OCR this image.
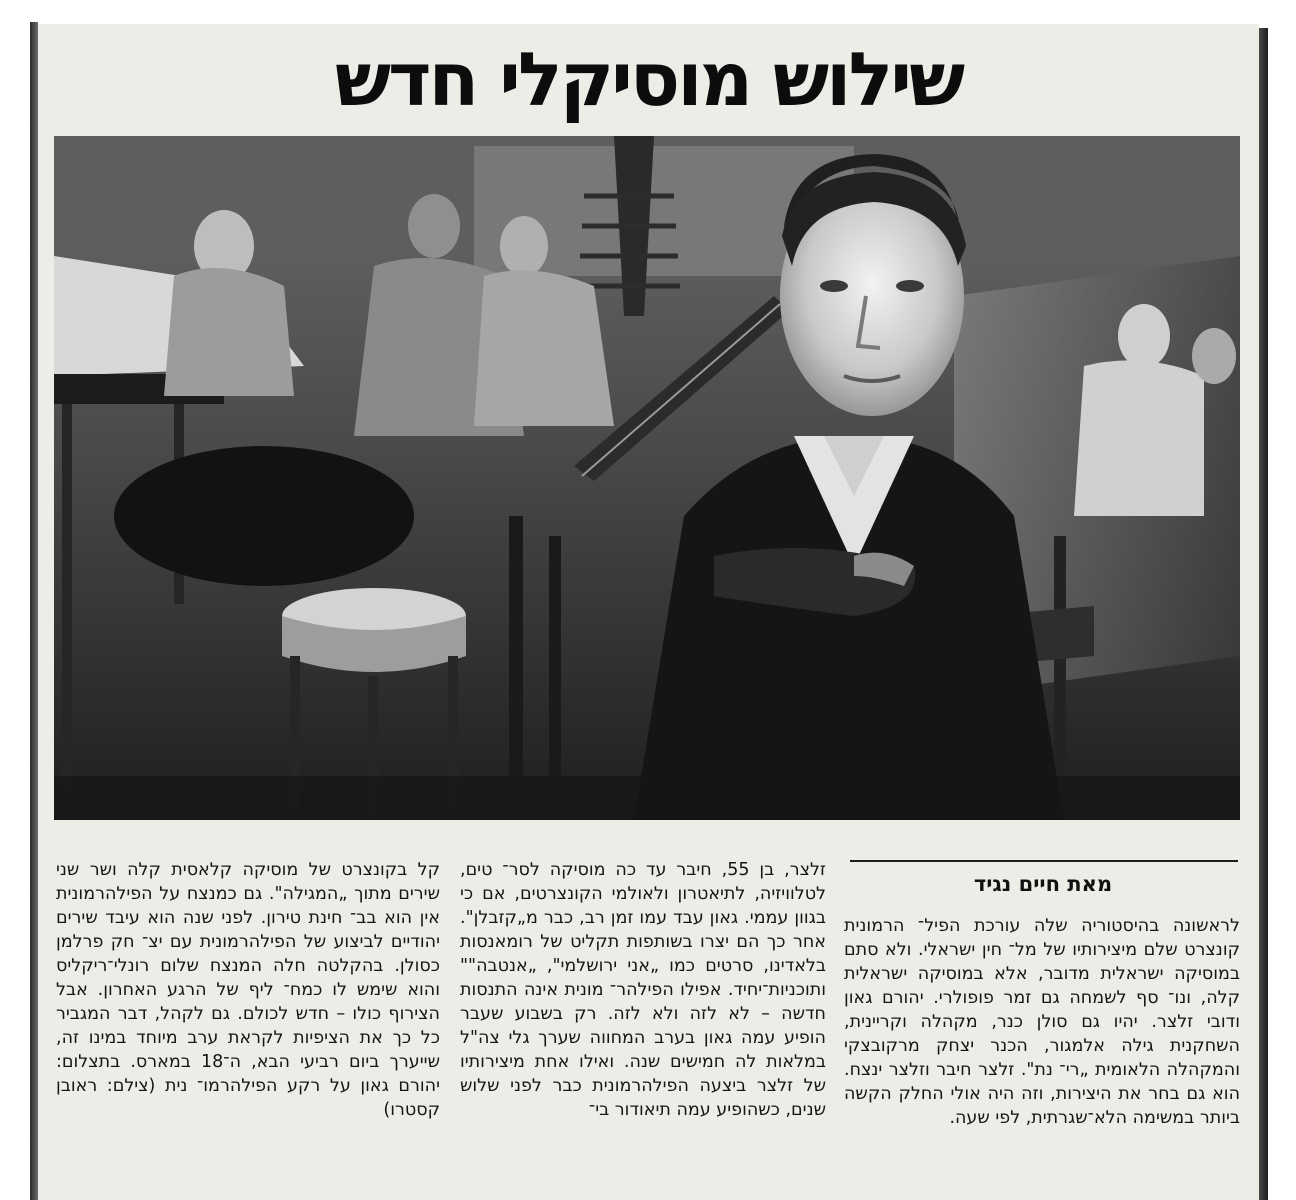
שילוש מוסיקלי חדש
מאת חיים נגיד

לראשונה בהיסטוריה שלה עורכת הפיל־ הרמונית קונצרט שלם מיצירותיו של מל־ חין ישראלי. ולא סתם במוסיקה ישראלית מדובר, אלא במוסיקה ישראלית קלה, ונו־ סף לשמחה גם זמר פופולרי. יהורם גאון ודובי זלצר. יהיו גם סולן כנר, מקהלה וקריינית, השחקנית גילה אלמגור, הכנר יצחק מרקובצקי והמקהלה הלאומית „רי־ נת". זלצר חיבר וזלצר ינצח. הוא גם בחר את היצירות, וזה היה אולי החלק הקשה ביותר במשימה הלא־שגרתית, לפי שעה.

זלצר, בן 55, חיבר עד כה מוסיקה לסר־ טים, לטלוויזיה, לתיאטרון ולאולמי הקונצרטים, אם כי בגוון עממי. גאון עבד עמו זמן רב, כבר מ„קזבלן". אחר כך הם יצרו בשותפות תקליט של רומאנסות בלאדינו, סרטים כמו „אני ירושלמי", „אנטבה"" ותוכניות־יחיד. אפילו הפילהר־ מונית אינה התנסות חדשה – לא לזה ולא לזה. רק בשבוע שעבר הופיע עמה גאון בערב המחווה שערך גלי צה"ל במלאות לה חמישים שנה. ואילו אחת מיצירותיו של זלצר ביצעה הפילהרמונית כבר לפני שלוש שנים, כשהופיע עמה תיאודור בי־

קל בקונצרט של מוסיקה קלאסית קלה ושר שני שירים מתוך „המגילה". גם כמנצח על הפילהרמונית אין הוא בב־ חינת טירון. לפני שנה הוא עיבד שירים יהודיים לביצוע של הפילהרמונית עם יצ־ חק פרלמן כסולן. בהקלטה חלה המנצח שלום רונלי־ריקליס והוא שימש לו כמח־ ליף של הרגע האחרון. אבל הצירוף כולו – חדש לכולם. גם לקהל, דבר המגביר כל כך את הציפיות לקראת ערב מיוחד במינו זה, שייערך ביום רביעי הבא, ה־18 במארס. בתצלום: יהורם גאון על רקע הפילהרמו־ נית (צילם: ראובן קסטרו)
